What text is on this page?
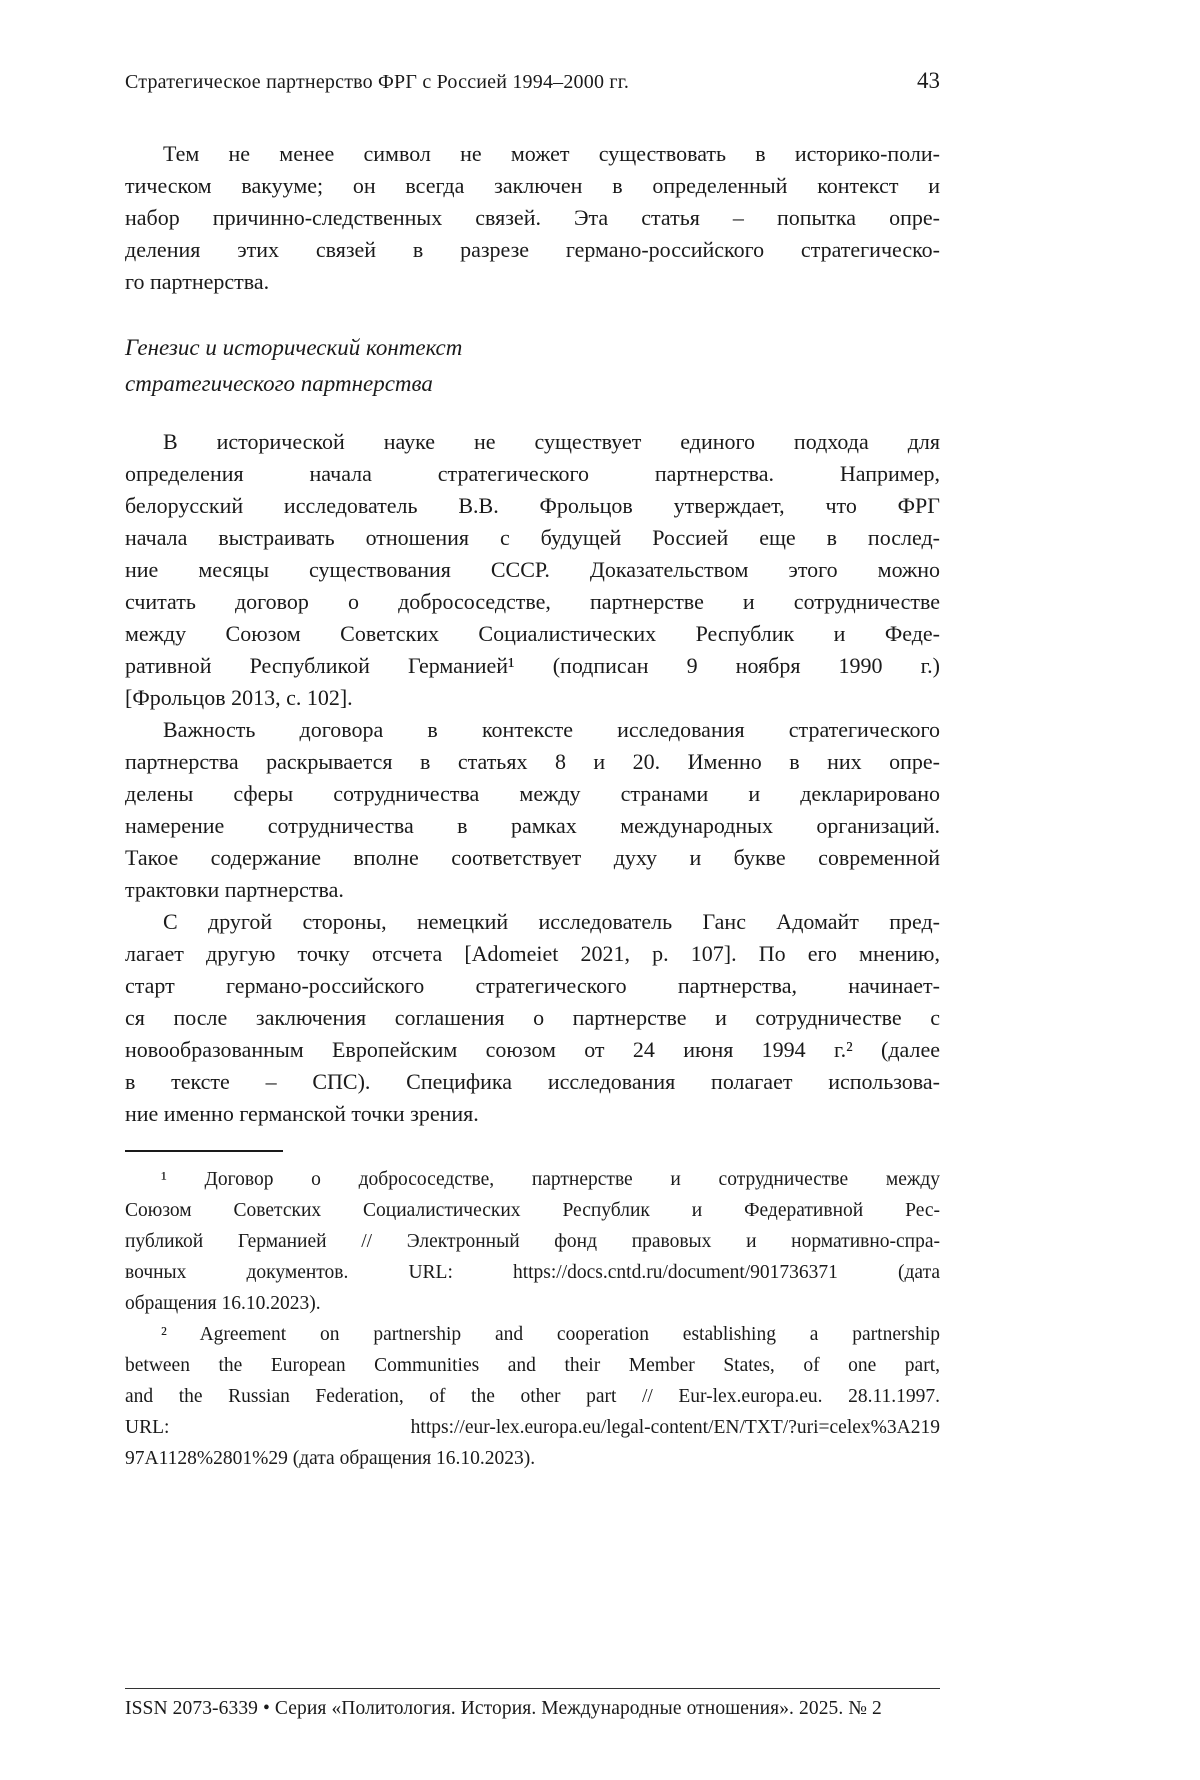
Стратегическое партнерство ФРГ с Россией 1994–2000 гг.	43
Тем не менее символ не может существовать в историко-поли-
тическом вакууме; он всегда заключен в определенный контекст и
набор причинно-следственных связей. Эта статья – попытка опре-
деления этих связей в разрезе германо-российского стратегическо-
го партнерства.
Генезис и исторический контекст
стратегического партнерства
В исторической науке не существует единого подхода для
определения начала стратегического партнерства. Например,
белорусский исследователь В.В. Фрольцов утверждает, что ФРГ
начала выстраивать отношения с будущей Россией еще в послед-
ние месяцы существования СССР. Доказательством этого можно
считать договор о добрососедстве, партнерстве и сотрудничестве
между Союзом Советских Социалистических Республик и Феде-
ративной Республикой Германией¹ (подписан 9 ноября 1990 г.)
[Фрольцов 2013, с. 102].
Важность договора в контексте исследования стратегического
партнерства раскрывается в статьях 8 и 20. Именно в них опре-
делены сферы сотрудничества между странами и декларировано
намерение сотрудничества в рамках международных организаций.
Такое содержание вполне соответствует духу и букве современной
трактовки партнерства.
С другой стороны, немецкий исследователь Ганс Адомайт пред-
лагает другую точку отсчета [Adomeiet 2021, p. 107]. По его мнению,
старт германо-российского стратегического партнерства, начинает-
ся после заключения соглашения о партнерстве и сотрудничестве с
новообразованным Европейским союзом от 24 июня 1994 г.² (далее
в тексте – СПС). Специфика исследования полагает использова-
ние именно германской точки зрения.
¹ Договор о добрососедстве, партнерстве и сотрудничестве между
Союзом Советских Социалистических Республик и Федеративной Рес-
публикой Германией // Электронный фонд правовых и нормативно-спра-
вочных документов. URL: https://docs.cntd.ru/document/901736371 (дата
обращения 16.10.2023).
² Agreement on partnership and cooperation establishing a partnership
between the European Communities and their Member States, of one part,
and the Russian Federation, of the other part // Eur-lex.europa.eu. 28.11.1997.
URL: https://eur-lex.europa.eu/legal-content/EN/TXT/?uri=celex%3A219
97A1128%2801%29 (дата обращения 16.10.2023).
ISSN 2073-6339 • Серия «Политология. История. Международные отношения». 2025. № 2
